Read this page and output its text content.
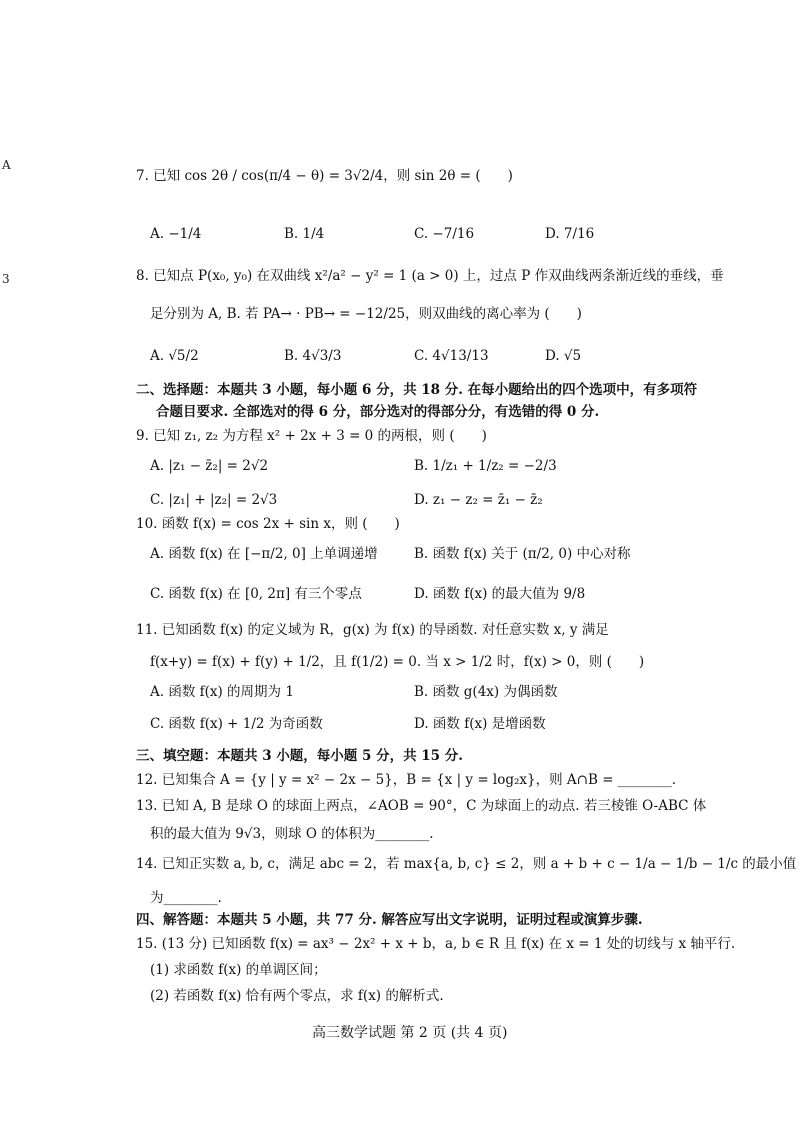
A
3
7. 已知 cos 2θ / cos(π/4 − θ) = 3√2/4，则 sin 2θ = (　　)
A. −1/4	B. 1/4	C. −7/16	D. 7/16
8. 已知点 P(x₀, y₀) 在双曲线 x²/a² − y² = 1 (a > 0) 上，过点 P 作双曲线两条渐近线的垂线，垂
足分别为 A, B. 若 PA→ · PB→ = −12/25，则双曲线的离心率为 (　　)
A. √5/2	B. 4√3/3	C. 4√13/13	D. √5
二、选择题：本题共 3 小题，每小题 6 分，共 18 分. 在每小题给出的四个选项中，有多项符
合题目要求. 全部选对的得 6 分，部分选对的得部分分，有选错的得 0 分.
9. 已知 z₁, z₂ 为方程 x² + 2x + 3 = 0 的两根，则 (　　)
A. |z₁ − z̄₂| = 2√2	B. 1/z₁ + 1/z₂ = −2/3
C. |z₁| + |z₂| = 2√3	D. z₁ − z₂ = z̄₁ − z̄₂
10. 函数 f(x) = cos 2x + sin x，则 (　　)
A. 函数 f(x) 在 [−π/2, 0] 上单调递增	B. 函数 f(x) 关于 (π/2, 0) 中心对称
C. 函数 f(x) 在 [0, 2π] 有三个零点	D. 函数 f(x) 的最大值为 9/8
11. 已知函数 f(x) 的定义域为 R，g(x) 为 f(x) 的导函数. 对任意实数 x, y 满足
f(x+y) = f(x) + f(y) + 1/2，且 f(1/2) = 0. 当 x > 1/2 时，f(x) > 0，则 (　　)
A. 函数 f(x) 的周期为 1	B. 函数 g(4x) 为偶函数
C. 函数 f(x) + 1/2 为奇函数	D. 函数 f(x) 是增函数
三、填空题：本题共 3 小题，每小题 5 分，共 15 分.
12. 已知集合 A = {y | y = x² − 2x − 5}，B = {x | y = log₂x}，则 A∩B = ________.
13. 已知 A, B 是球 O 的球面上两点，∠AOB = 90°，C 为球面上的动点. 若三棱锥 O-ABC 体
积的最大值为 9√3，则球 O 的体积为________.
14. 已知正实数 a, b, c，满足 abc = 2，若 max{a, b, c} ≤ 2，则 a + b + c − 1/a − 1/b − 1/c 的最小值
为________.
四、解答题：本题共 5 小题，共 77 分. 解答应写出文字说明，证明过程或演算步骤.
15. (13 分) 已知函数 f(x) = ax³ − 2x² + x + b，a, b ∈ R 且 f(x) 在 x = 1 处的切线与 x 轴平行.
(1) 求函数 f(x) 的单调区间；
(2) 若函数 f(x) 恰有两个零点，求 f(x) 的解析式.
高三数学试题 第 2 页 (共 4 页)
